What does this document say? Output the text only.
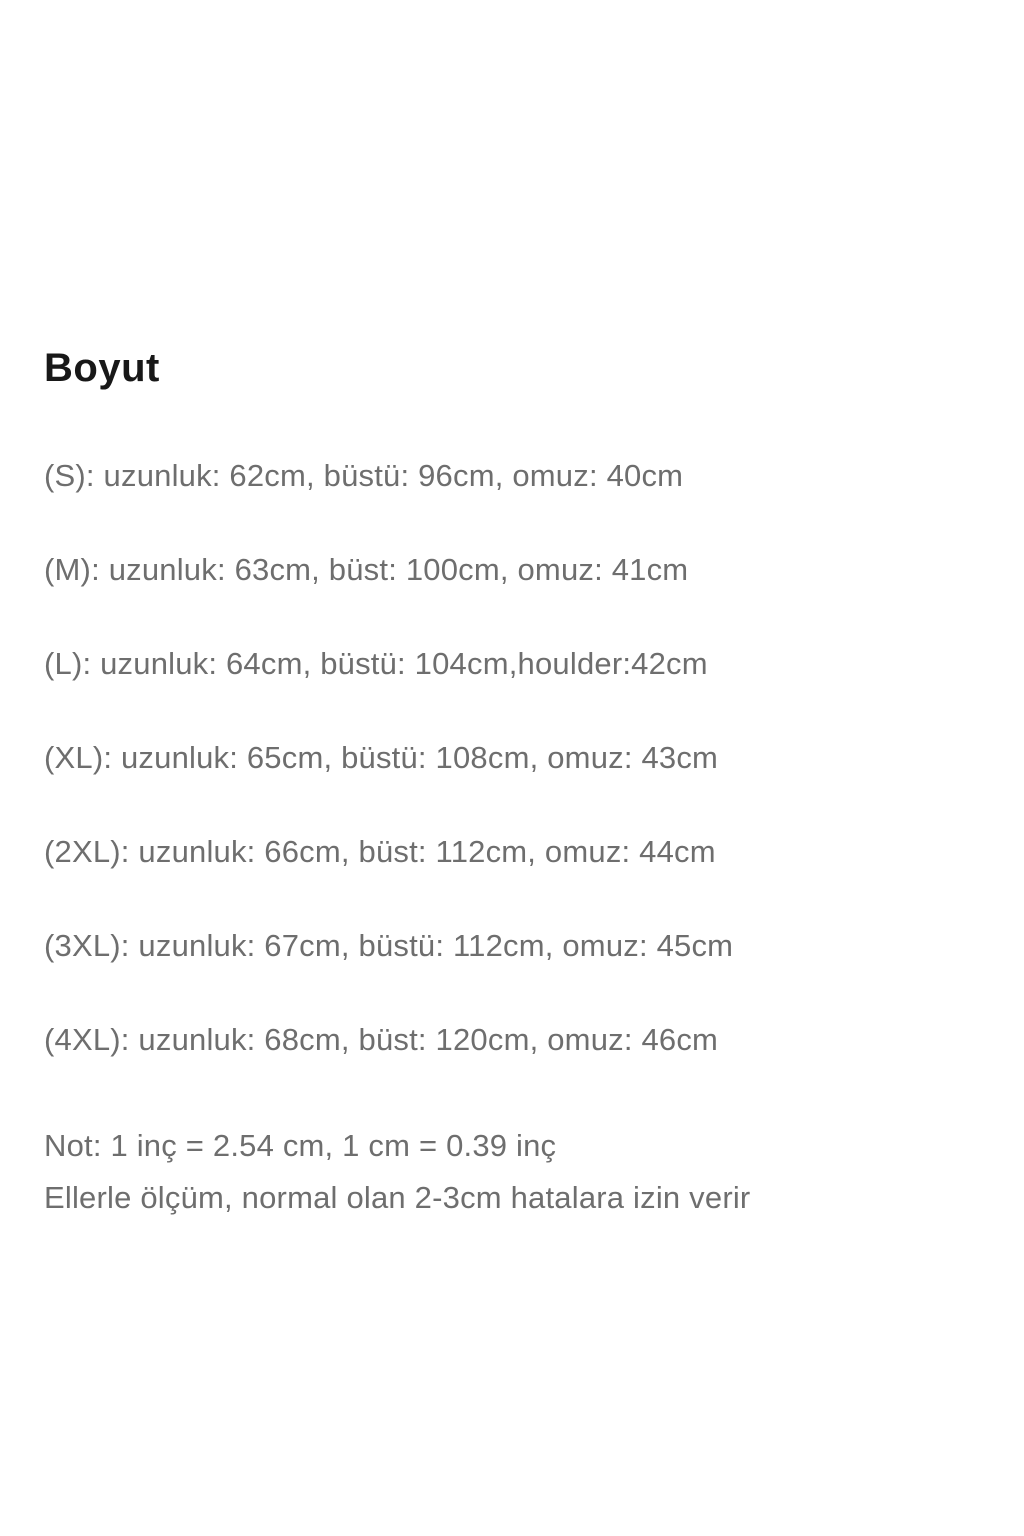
Boyut

(S): uzunluk: 62cm, büstü: 96cm, omuz: 40cm

(M): uzunluk: 63cm, büst: 100cm, omuz: 41cm

(L): uzunluk: 64cm, büstü: 104cm,houlder:42cm

(XL): uzunluk: 65cm, büstü: 108cm, omuz: 43cm

(2XL): uzunluk: 66cm, büst: 112cm, omuz: 44cm

(3XL): uzunluk: 67cm, büstü: 112cm, omuz: 45cm

(4XL): uzunluk: 68cm, büst: 120cm, omuz: 46cm

Not: 1 inç = 2.54 cm, 1 cm = 0.39 inç
Ellerle ölçüm, normal olan 2-3cm hatalara izin verir
